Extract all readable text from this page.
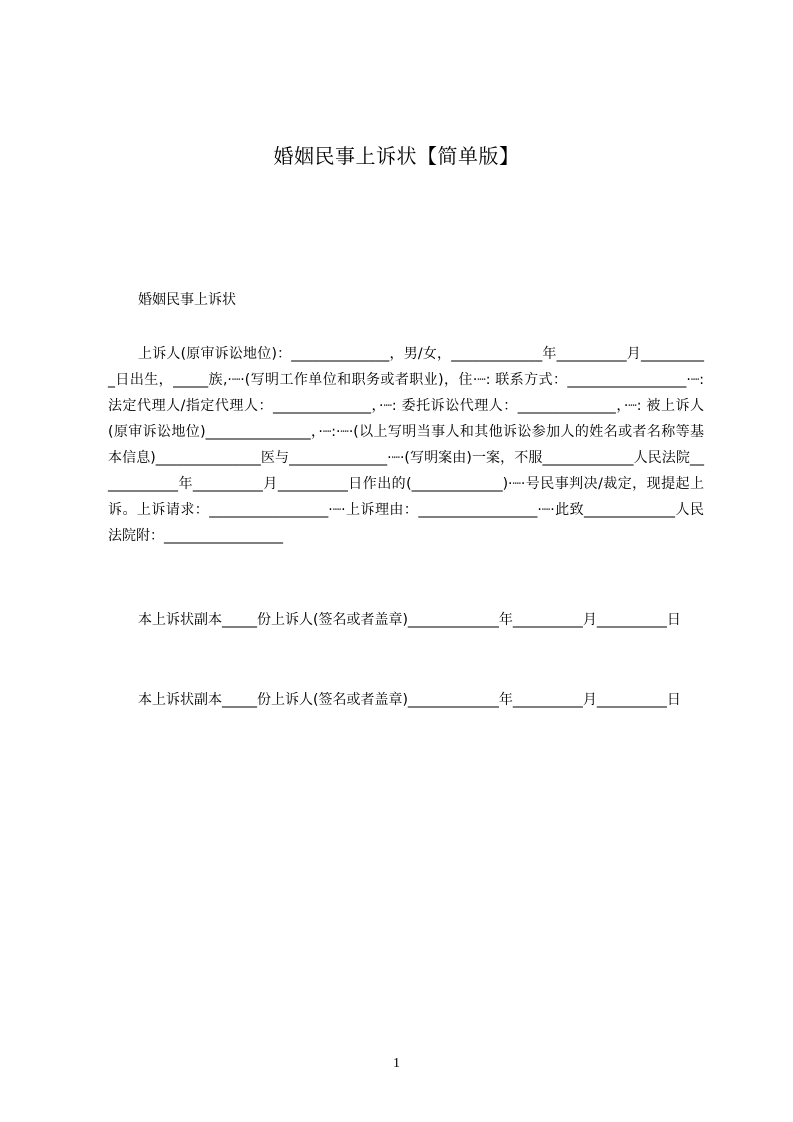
婚姻民事上诉状【简单版】
婚姻民事上诉状

上诉人(原审诉讼地位)：______________，男/女，_____________年__________月__________日出生，_____族,·┈·(写明工作单位和职务或者职业)，住·┈꞉ 联系方式：_________________·┈꞉ 法定代理人/指定代理人：______________，·┈꞉ 委托诉讼代理人：______________，·┈꞉ 被上诉人(原审诉讼地位)_______________，·┈꞉·┈·(以上写明当事人和其他诉讼参加人的姓名或者名称等基本信息)_______________医与______________·┈·(写明案由)一案，不服_____________人民法院____________年__________月__________日作出的(_____________)·┈·号民事判决/裁定，现提起上诉。上诉请求：_________________·┈·上诉理由：_________________·┈·此致_____________人民法院附：_________________

本上诉状副本_____份上诉人(签名或者盖章)_____________年__________月__________日

本上诉状副本_____份上诉人(签名或者盖章)_____________年__________月__________日

1
